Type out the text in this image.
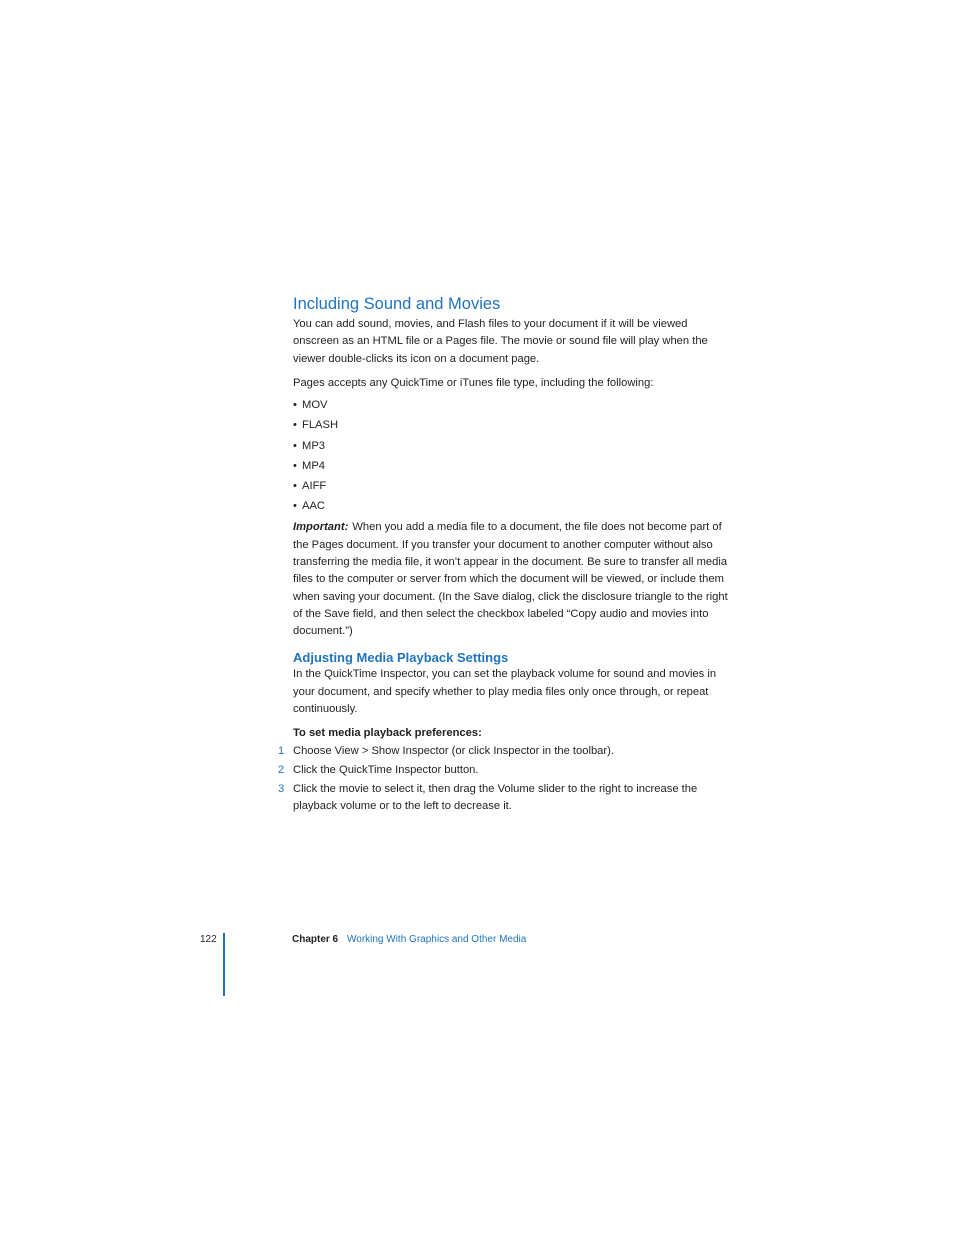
Including Sound and Movies

You can add sound, movies, and Flash files to your document if it will be viewed onscreen as an HTML file or a Pages file. The movie or sound file will play when the viewer double-clicks its icon on a document page.

Pages accepts any QuickTime or iTunes file type, including the following:

• MOV
• FLASH
• MP3
• MP4
• AIFF
• AAC

Important: When you add a media file to a document, the file does not become part of the Pages document. If you transfer your document to another computer without also transferring the media file, it won’t appear in the document. Be sure to transfer all media files to the computer or server from which the document will be viewed, or include them when saving your document. (In the Save dialog, click the disclosure triangle to the right of the Save field, and then select the checkbox labeled “Copy audio and movies into document.”)

Adjusting Media Playback Settings

In the QuickTime Inspector, you can set the playback volume for sound and movies in your document, and specify whether to play media files only once through, or repeat continuously.

To set media playback preferences:

1 Choose View > Show Inspector (or click Inspector in the toolbar).
2 Click the QuickTime Inspector button.
3 Click the movie to select it, then drag the Volume slider to the right to increase the playback volume or to the left to decrease it.
122	Chapter 6 Working With Graphics and Other Media
